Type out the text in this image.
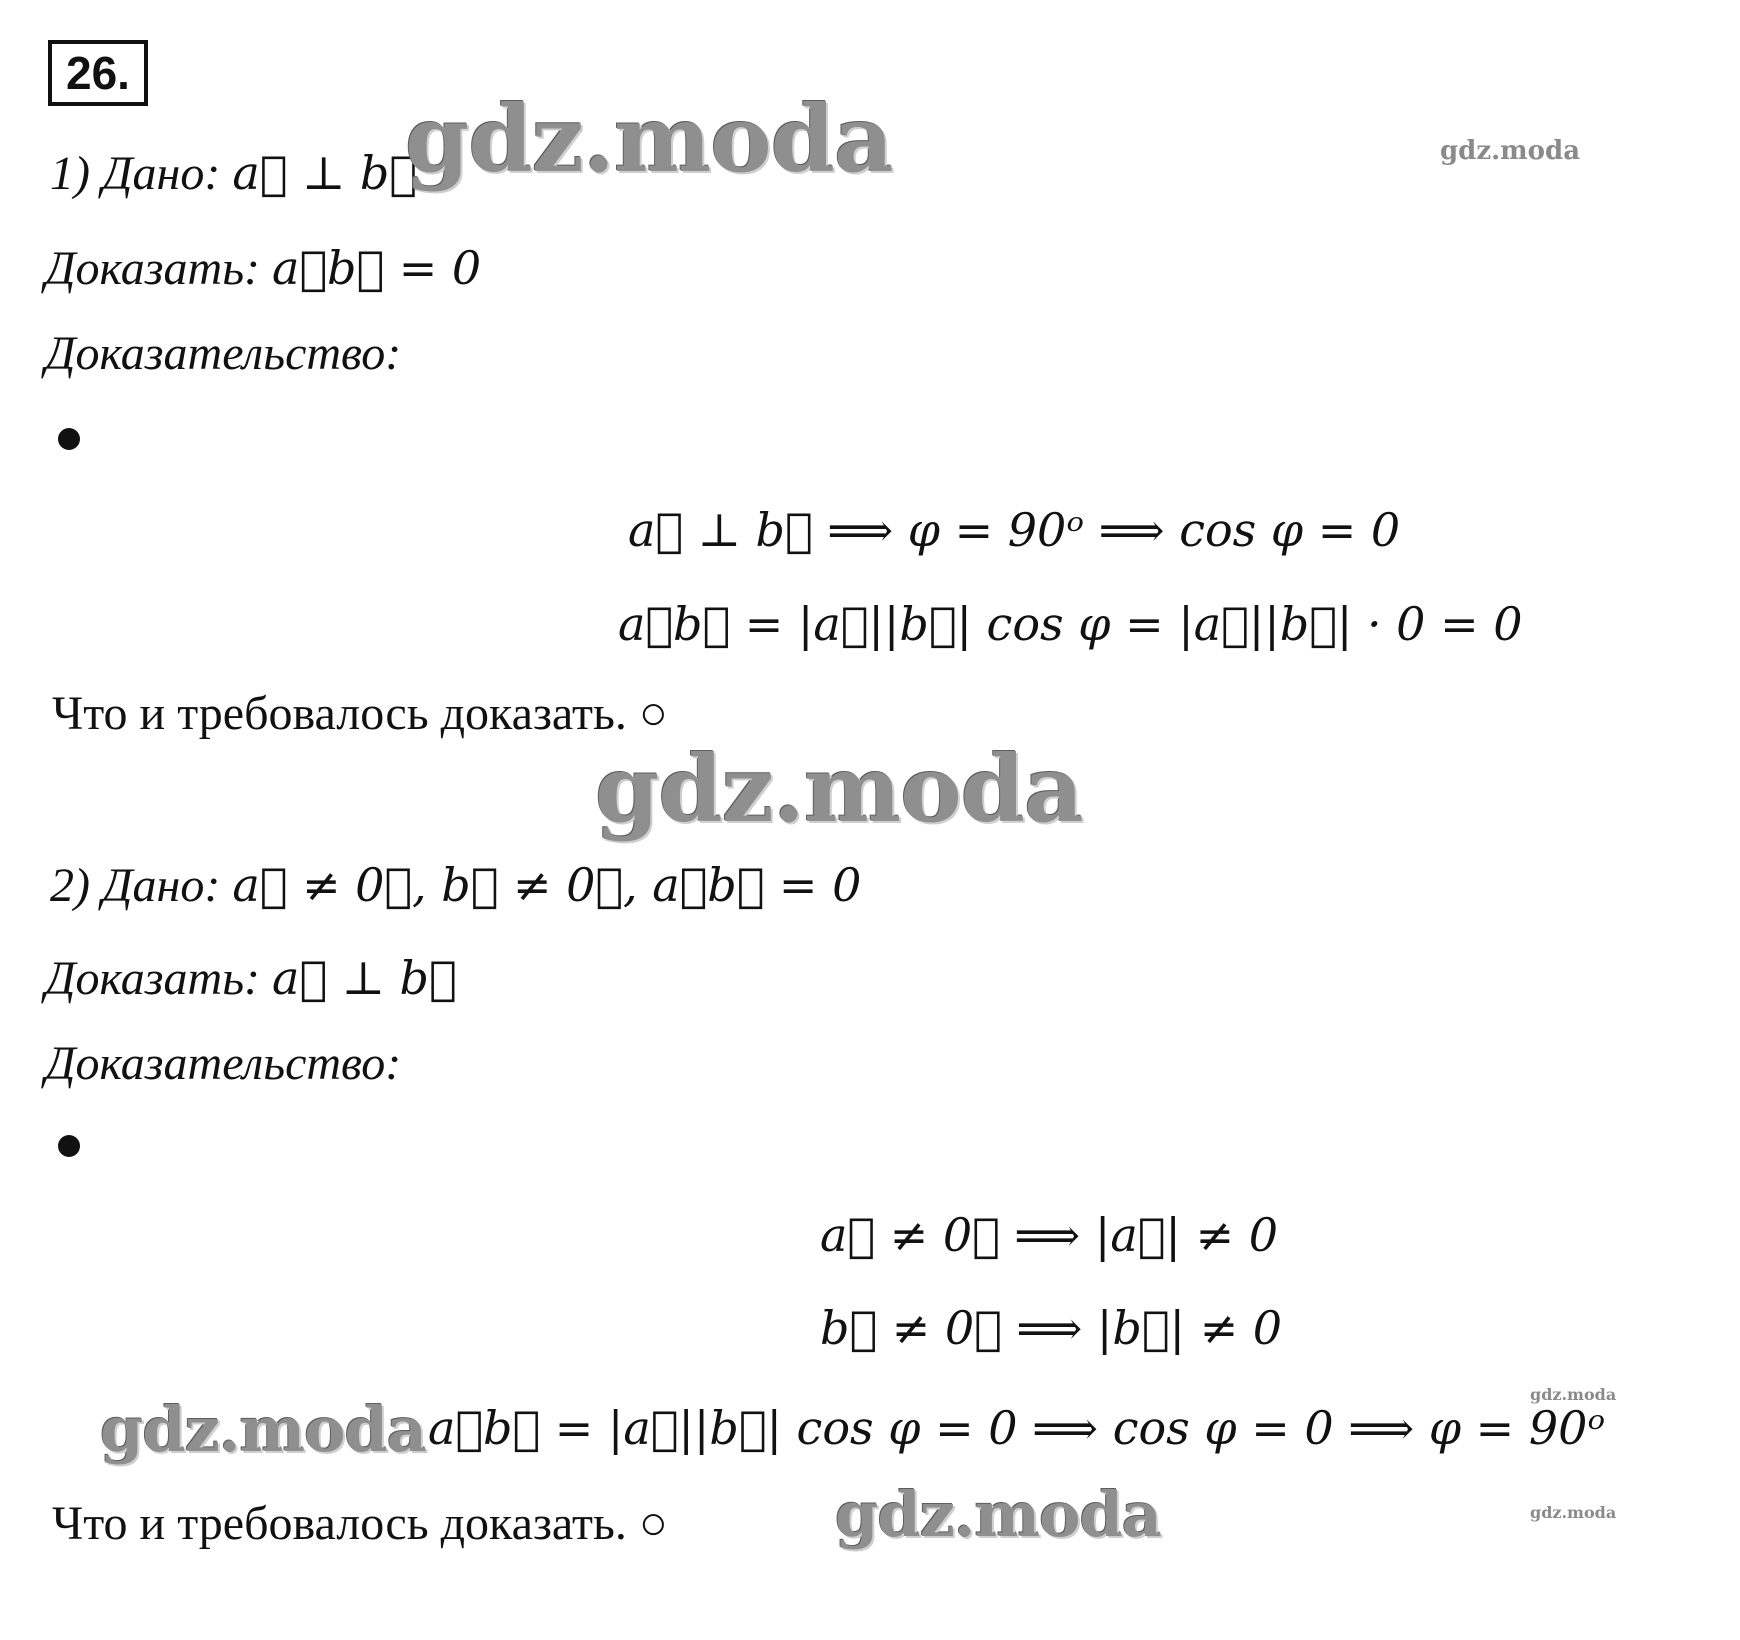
26.
1) Дано: a⃗ ⊥ b⃗
Доказать: a⃗b⃗ = 0
Доказательство:
a⃗ ⊥ b⃗ ⟹ φ = 90ᵒ ⟹ cos φ = 0
a⃗b⃗ = |a⃗||b⃗| cos φ = |a⃗||b⃗| · 0 = 0
Что и требовалось доказать. ○
2) Дано: a⃗ ≠ 0⃗, b⃗ ≠ 0⃗, a⃗b⃗ = 0
Доказать: a⃗ ⊥ b⃗
Доказательство:
a⃗ ≠ 0⃗ ⟹ |a⃗| ≠ 0
b⃗ ≠ 0⃗ ⟹ |b⃗| ≠ 0
a⃗b⃗ = |a⃗||b⃗| cos φ = 0 ⟹ cos φ = 0 ⟹ φ = 90ᵒ
Что и требовалось доказать. ○
gdz.moda	gdz.moda
gdz.moda
gdz.moda	gdz.moda
gdz.moda	gdz.moda
